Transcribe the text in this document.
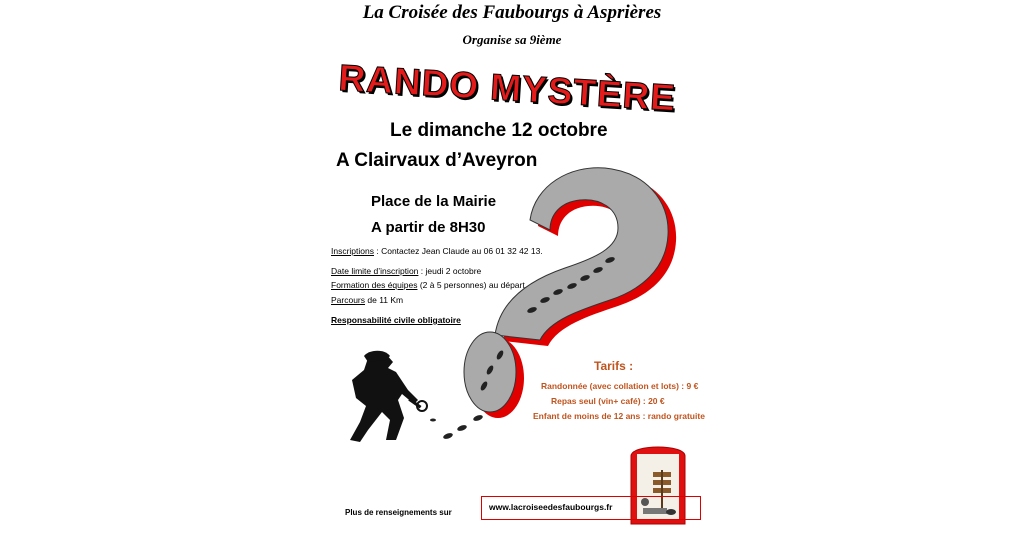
La Croisée des Faubourgs à Asprières
Organise sa 9ième
RANDO MYSTÈRE
Le dimanche 12 octobre
A Clairvaux d’Aveyron
Place de la Mairie
A partir de 8H30
Inscriptions : Contactez Jean Claude au 06 01 32 42 13.
Date limite d’inscription : jeudi 2 octobre
Formation des équipes (2 à 5 personnes) au départ
Parcours de 11 Km
Responsabilité civile obligatoire
Tarifs :
Randonnée (avec collation et lots) : 9 €
Repas seul (vin+ café) : 20 €
Enfant de moins de 12 ans : rando gratuite
Plus de renseignements sur
www.lacroiseedesfaubourgs.fr
